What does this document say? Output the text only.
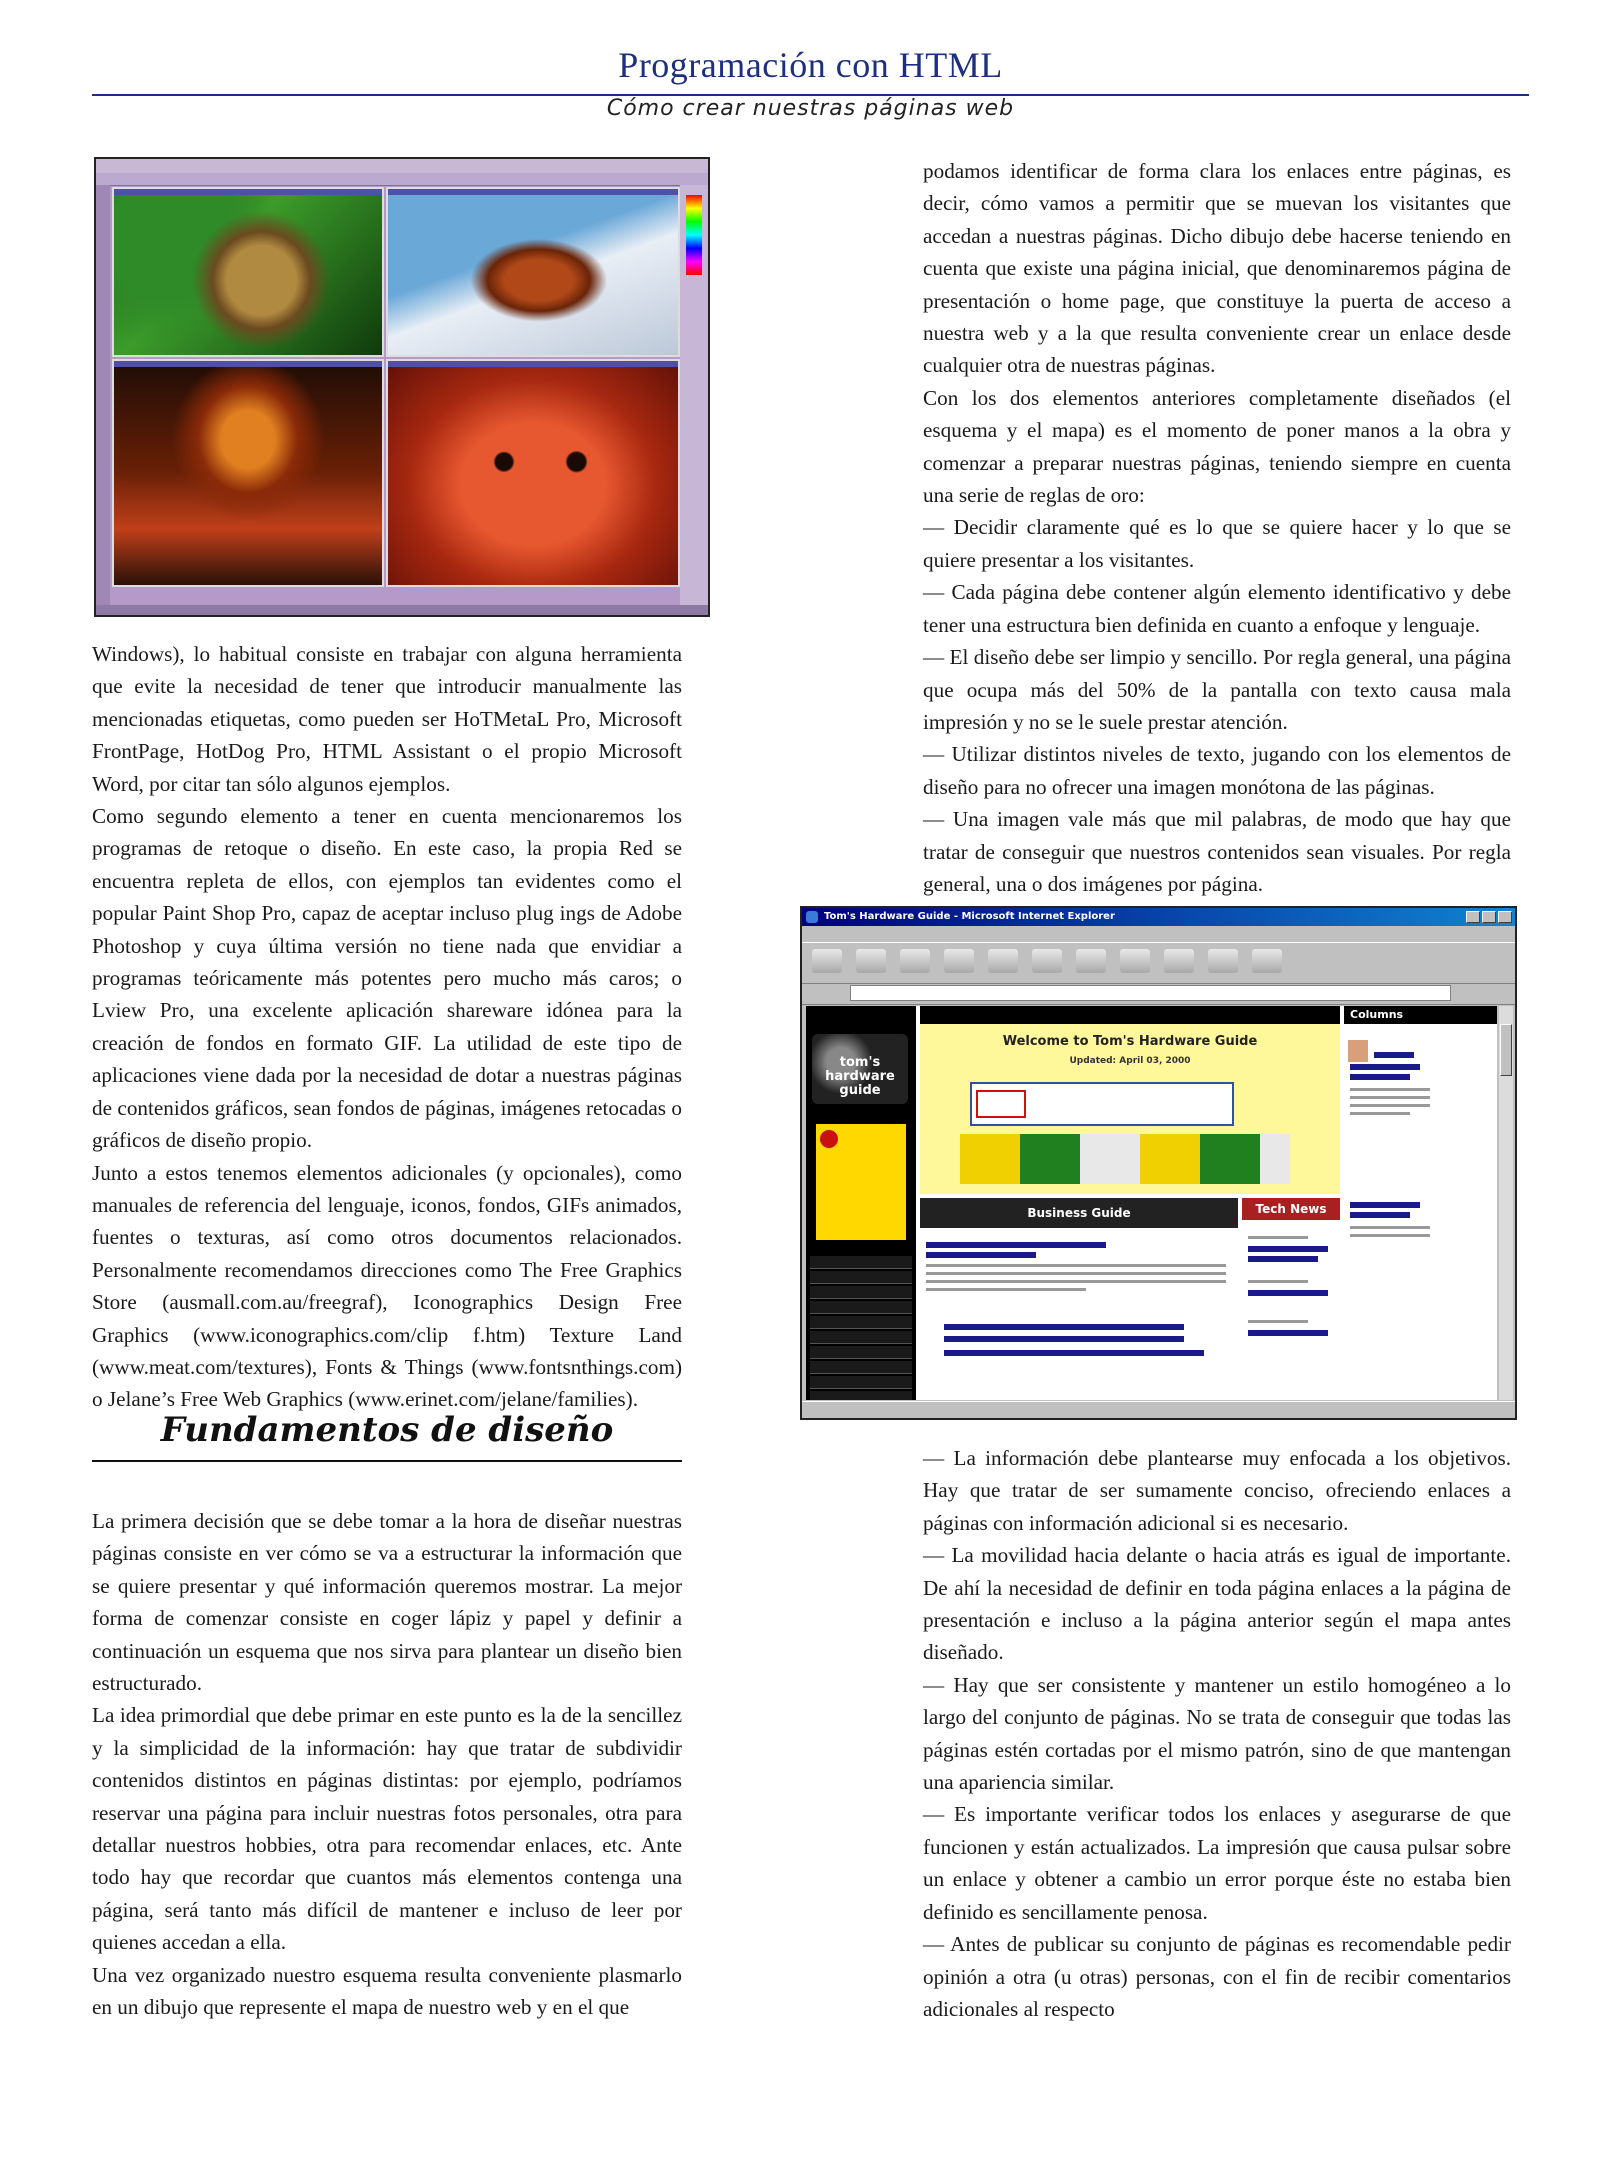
Programación con HTML
Cómo crear nuestras páginas web

Windows), lo habitual consiste en trabajar con alguna herramienta que evite la necesidad de tener que introducir manualmente las mencionadas etiquetas, como pueden ser HoTMetaL Pro, Microsoft FrontPage, HotDog Pro, HTML Assistant o el propio Microsoft Word, por citar tan sólo algunos ejemplos.

Como segundo elemento a tener en cuenta mencionaremos los programas de retoque o diseño. En este caso, la propia Red se encuentra repleta de ellos, con ejemplos tan evidentes como el popular Paint Shop Pro, capaz de aceptar incluso plug ings de Adobe Photoshop y cuya última versión no tiene nada que envidiar a programas teóricamente más potentes pero mucho más caros; o Lview Pro, una excelente aplicación shareware idónea para la creación de fondos en formato GIF. La utilidad de este tipo de aplicaciones viene dada por la necesidad de dotar a nuestras páginas de contenidos gráficos, sean fondos de páginas, imágenes retocadas o gráficos de diseño propio.

Junto a estos tenemos elementos adicionales (y opcionales), como manuales de referencia del lenguaje, iconos, fondos, GIFs animados, fuentes o texturas, así como otros documentos relacionados. Personalmente recomendamos direcciones como The Free Graphics Store (ausmall.com.au/freegraf), Iconographics Design Free Graphics (www.iconographics.com/clip f.htm) Texture Land (www.meat.com/textures), Fonts & Things (www.fontsnthings.com) o Jelane’s Free Web Graphics (www.erinet.com/jelane/families).

Fundamentos de diseño

La primera decisión que se debe tomar a la hora de diseñar nuestras páginas consiste en ver cómo se va a estructurar la información que se quiere presentar y qué información queremos mostrar. La mejor forma de comenzar consiste en coger lápiz y papel y definir a continuación un esquema que nos sirva para plantear un diseño bien estructurado.

La idea primordial que debe primar en este punto es la de la sencillez y la simplicidad de la información: hay que tratar de subdividir contenidos distintos en páginas distintas: por ejemplo, podríamos reservar una página para incluir nuestras fotos personales, otra para detallar nuestros hobbies, otra para recomendar enlaces, etc. Ante todo hay que recordar que cuantos más elementos contenga una página, será tanto más difícil de mantener e incluso de leer por quienes accedan a ella.

Una vez organizado nuestro esquema resulta conveniente plasmarlo en un dibujo que represente el mapa de nuestro web y en el que

podamos identificar de forma clara los enlaces entre páginas, es decir, cómo vamos a permitir que se muevan los visitantes que accedan a nuestras páginas. Dicho dibujo debe hacerse teniendo en cuenta que existe una página inicial, que denominaremos página de presentación o home page, que constituye la puerta de acceso a nuestra web y a la que resulta conveniente crear un enlace desde cualquier otra de nuestras páginas.

Con los dos elementos anteriores completamente diseñados (el esquema y el mapa) es el momento de poner manos a la obra y comenzar a preparar nuestras páginas, teniendo siempre en cuenta una serie de reglas de oro:

— Decidir claramente qué es lo que se quiere hacer y lo que se quiere presentar a los visitantes.

— Cada página debe contener algún elemento identificativo y debe tener una estructura bien definida en cuanto a enfoque y lenguaje.

— El diseño debe ser limpio y sencillo. Por regla general, una página que ocupa más del 50% de la pantalla con texto causa mala impresión y no se le suele prestar atención.

— Utilizar distintos niveles de texto, jugando con los elementos de diseño para no ofrecer una imagen monótona de las páginas.

— Una imagen vale más que mil palabras, de modo que hay que tratar de conseguir que nuestros contenidos sean visuales. Por regla general, una o dos imágenes por página.

Tom's Hardware Guide - Microsoft Internet Explorer
tom's hardware guide
Welcome to Tom's Hardware Guide
Updated: April 03, 2000
Business Guide	Tech News
Columns

— La información debe plantearse muy enfocada a los objetivos. Hay que tratar de ser sumamente conciso, ofreciendo enlaces a páginas con información adicional si es necesario.

— La movilidad hacia delante o hacia atrás es igual de importante. De ahí la necesidad de definir en toda página enlaces a la página de presentación e incluso a la página anterior según el mapa antes diseñado.

— Hay que ser consistente y mantener un estilo homogéneo a lo largo del conjunto de páginas. No se trata de conseguir que todas las páginas estén cortadas por el mismo patrón, sino de que mantengan una apariencia similar.

— Es importante verificar todos los enlaces y asegurarse de que funcionen y están actualizados. La impresión que causa pulsar sobre un enlace y obtener a cambio un error porque éste no estaba bien definido es sencillamente penosa.

— Antes de publicar su conjunto de páginas es recomendable pedir opinión a otra (u otras) personas, con el fin de recibir comentarios adicionales al respecto
